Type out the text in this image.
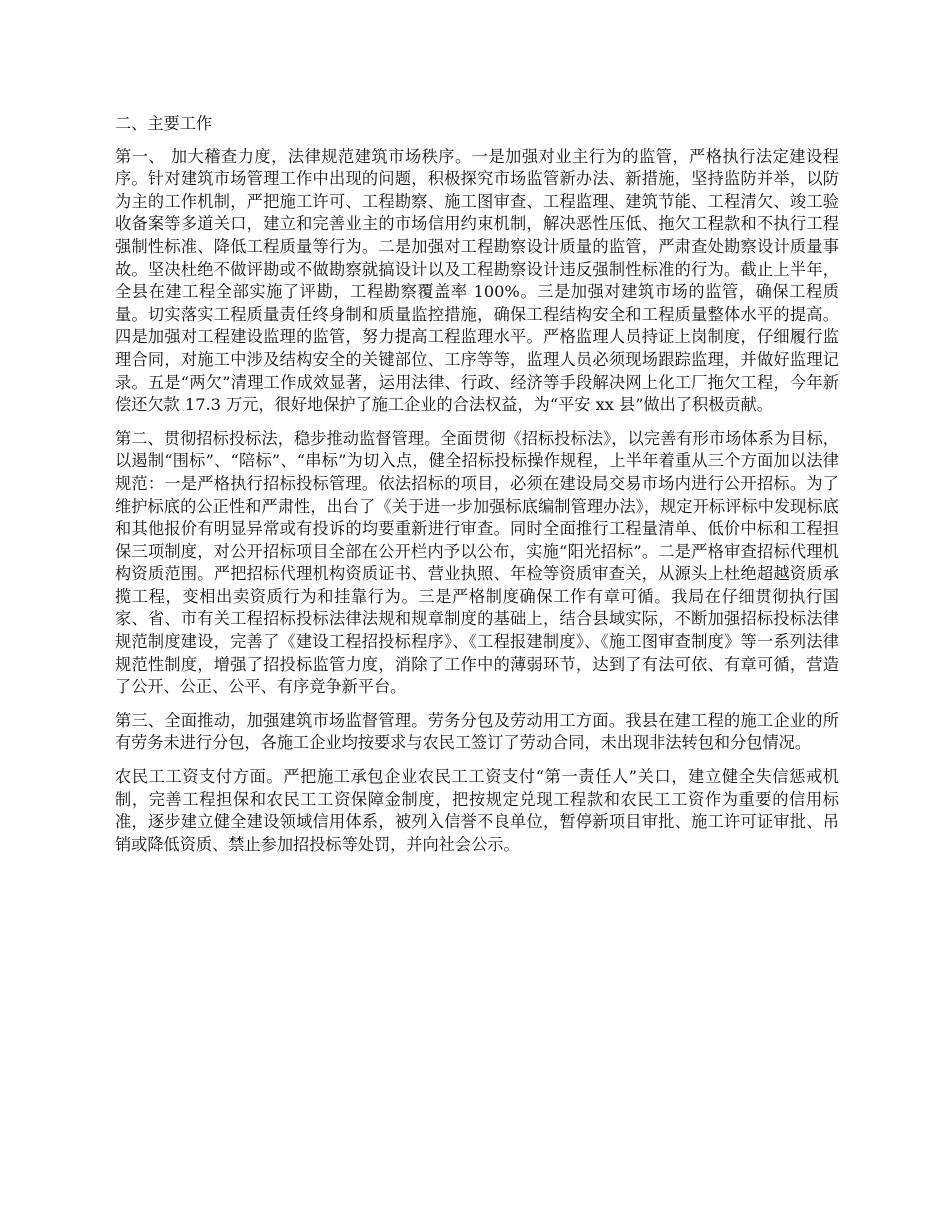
二、主要工作

第一、 加大稽查力度，法律规范建筑市场秩序。一是加强对业主行为的监管，严格执行法定建设程序。针对建筑市场管理工作中出现的问题，积极探究市场监管新办法、新措施，坚持监防并举，以防为主的工作机制，严把施工许可、工程勘察、施工图审查、工程监理、建筑节能、工程清欠、竣工验收备案等多道关口，建立和完善业主的市场信用约束机制，解决恶性压低、拖欠工程款和不执行工程强制性标准、降低工程质量等行为。二是加强对工程勘察设计质量的监管，严肃查处勘察设计质量事故。坚决杜绝不做评勘或不做勘察就搞设计以及工程勘察设计违反强制性标准的行为。截止上半年，全县在建工程全部实施了评勘，工程勘察覆盖率 100%。三是加强对建筑市场的监管，确保工程质量。切实落实工程质量责任终身制和质量监控措施，确保工程结构安全和工程质量整体水平的提高。四是加强对工程建设监理的监管，努力提高工程监理水平。严格监理人员持证上岗制度，仔细履行监理合同，对施工中涉及结构安全的关键部位、工序等等，监理人员必须现场跟踪监理，并做好监理记录。五是“两欠”清理工作成效显著，运用法律、行政、经济等手段解决网上化工厂拖欠工程，今年新偿还欠款 17.3 万元，很好地保护了施工企业的合法权益，为“平安 xx 县”做出了积极贡献。

第二、贯彻招标投标法，稳步推动监督管理。全面贯彻《招标投标法》，以完善有形市场体系为目标，以遏制“围标”、“陪标”、“串标”为切入点，健全招标投标操作规程，上半年着重从三个方面加以法律规范：一是严格执行招标投标管理。依法招标的项目，必须在建设局交易市场内进行公开招标。为了维护标底的公正性和严肃性，出台了《关于进一步加强标底编制管理办法》，规定开标评标中发现标底和其他报价有明显异常或有投诉的均要重新进行审查。同时全面推行工程量清单、低价中标和工程担保三项制度，对公开招标项目全部在公开栏内予以公布，实施“阳光招标”。二是严格审查招标代理机构资质范围。严把招标代理机构资质证书、营业执照、年检等资质审查关，从源头上杜绝超越资质承揽工程，变相出卖资质行为和挂靠行为。三是严格制度确保工作有章可循。我局在仔细贯彻执行国家、省、市有关工程招标投标法律法规和规章制度的基础上，结合县域实际，不断加强招标投标法律规范制度建设，完善了《建设工程招投标程序》、《工程报建制度》、《施工图审查制度》等一系列法律规范性制度，增强了招投标监管力度，消除了工作中的薄弱环节，达到了有法可依、有章可循，营造了公开、公正、公平、有序竞争新平台。

第三、全面推动，加强建筑市场监督管理。劳务分包及劳动用工方面。我县在建工程的施工企业的所有劳务未进行分包，各施工企业均按要求与农民工签订了劳动合同，未出现非法转包和分包情况。

农民工工资支付方面。严把施工承包企业农民工工资支付“第一责任人”关口，建立健全失信惩戒机制，完善工程担保和农民工工资保障金制度，把按规定兑现工程款和农民工工资作为重要的信用标准，逐步建立健全建设领域信用体系，被列入信誉不良单位，暂停新项目审批、施工许可证审批、吊销或降低资质、禁止参加招投标等处罚，并向社会公示。
